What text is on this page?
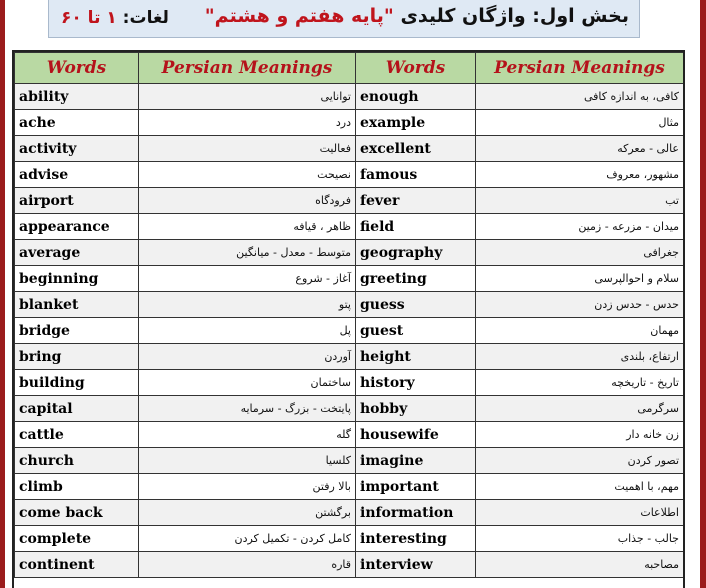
بخش اول: واژگان کلیدی "پایه هفتم و هشتم"
لغات: ۱ تا ۶۰
Words	Persian Meanings	Words	Persian Meanings
ability	توانایی	enough	کافی، به اندازه کافی
ache	درد	example	مثال
activity	فعالیت	excellent	عالی - معرکه
advise	نصیحت	famous	مشهور، معروف
airport	فرودگاه	fever	تب
appearance	ظاهر ، قیافه	field	میدان - مزرعه - زمین
average	متوسط - معدل - میانگین	geography	جغرافی
beginning	آغاز - شروع	greeting	سلام و احوالپرسی
blanket	پتو	guess	حدس - حدس زدن
bridge	پل	guest	مهمان
bring	آوردن	height	ارتفاع، بلندی
building	ساختمان	history	تاریخ - تاریخچه
capital	پایتخت - بزرگ - سرمایه	hobby	سرگرمی
cattle	گله	housewife	زن خانه دار
church	کلسیا	imagine	تصور کردن
climb	بالا رفتن	important	مهم، با اهمیت
come back	برگشتن	information	اطلاعات
complete	کامل کردن - تکمیل کردن	interesting	جالب - جذاب
continent	قاره	interview	مصاحبه
